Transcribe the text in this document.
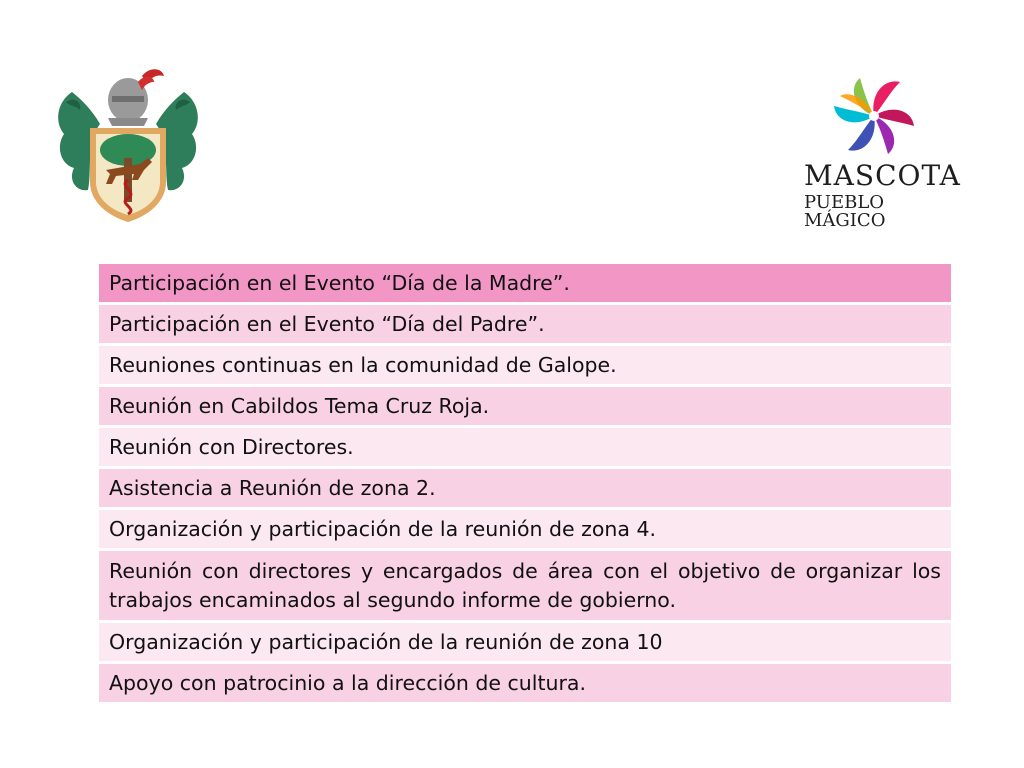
MASCOTA
PUEBLO MÁGICO
Participación en el Evento “Día de la Madre”.
Participación en el Evento “Día del Padre”.
Reuniones continuas en la comunidad de Galope.
Reunión en Cabildos Tema Cruz Roja.
Reunión con Directores.
Asistencia a Reunión de zona 2.
Organización y participación de la reunión de zona 4.
Reunión con directores y encargados de área con el objetivo de organizar los trabajos encaminados al segundo informe de gobierno.
Organización y participación de la reunión de zona 10
Apoyo con patrocinio a la dirección de cultura.
